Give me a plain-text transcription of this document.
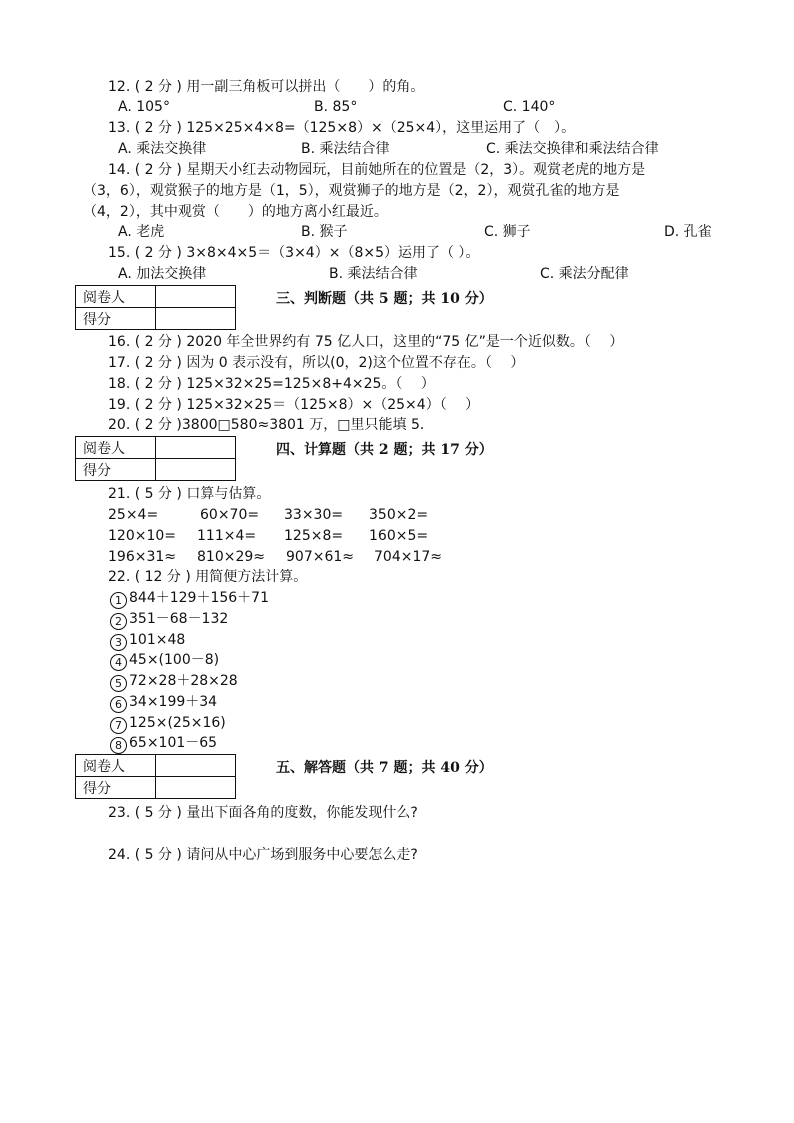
12. ( 2 分 ) 用一副三角板可以拼出（　　）的角。
A. 105°	B. 85°	C. 140°
13. ( 2 分 ) 125×25×4×8=（125×8）×（25×4），这里运用了（　）。
A. 乘法交换律	B. 乘法结合律	C. 乘法交换律和乘法结合律
14. ( 2 分 ) 星期天小红去动物园玩，目前她所在的位置是（2，3）。观赏老虎的地方是
（3，6），观赏猴子的地方是（1，5），观赏狮子的地方是（2，2），观赏孔雀的地方是
（4，2），其中观赏（　　）的地方离小红最近。
A. 老虎	B. 猴子	C. 狮子	D. 孔雀
15. ( 2 分 ) 3×8×4×5＝（3×4）×（8×5）运用了（ ）。
A. 加法交换律	B. 乘法结合律	C. 乘法分配律
阅卷人	
得分	
三、判断题（共 5 题；共 10 分）
16. ( 2 分 ) 2020 年全世界约有 75 亿人口，这里的“75 亿”是一个近似数。（　 ）
17. ( 2 分 ) 因为 0 表示没有，所以(0，2)这个位置不存在。（　 ）
18. ( 2 分 ) 125×32×25=125×8+4×25。（　 ）
19. ( 2 分 ) 125×32×25＝（125×8）×（25×4）（　 ）
20. ( 2 分 )3800□580≈3801 万，□里只能填 5．
阅卷人	
得分	
四、计算题（共 2 题；共 17 分）
21. ( 5 分 ) 口算与估算。
25×4=	60×70= 33×30= 350×2=
120×10= 111×4= 125×8= 160×5=
196×31≈ 810×29≈ 907×61≈ 704×17≈
22. ( 12 分 ) 用简便方法计算。
1 844＋129＋156＋71
2 351－68－132
3 101×48
4 45×(100－8)
5 72×28＋28×28
6 34×199＋34
7 125×(25×16)
8 65×101－65
阅卷人	
得分	
五、解答题（共 7 题；共 40 分）
23. ( 5 分 ) 量出下面各角的度数，你能发现什么?
24. ( 5 分 ) 请问从中心广场到服务中心要怎么走?
